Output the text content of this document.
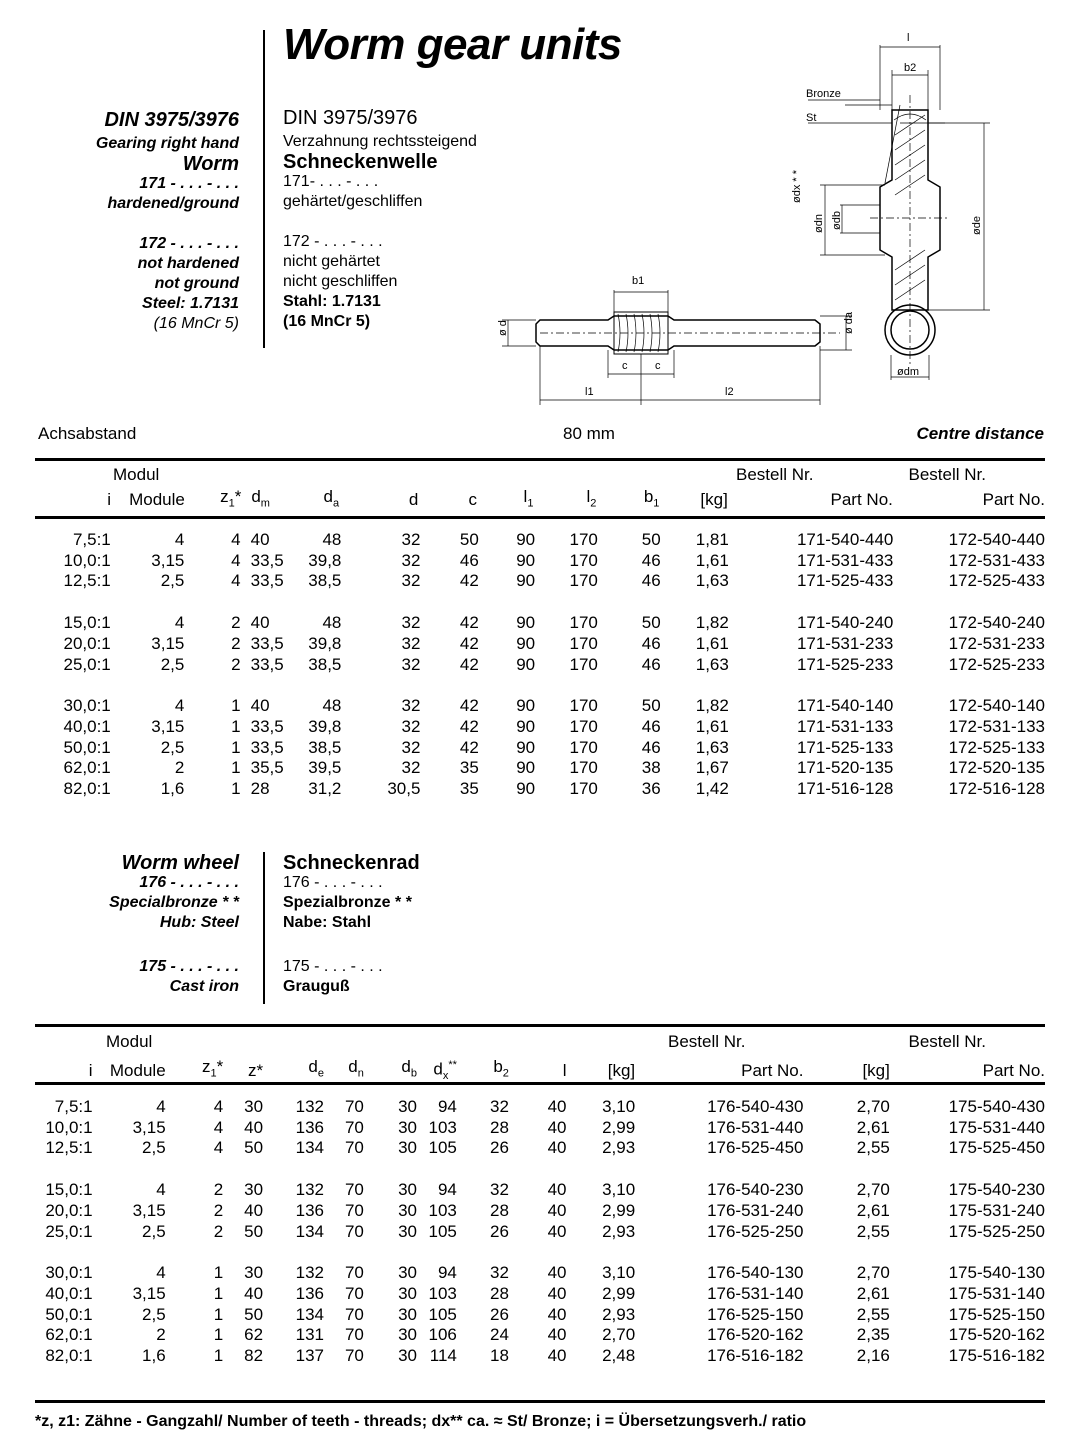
Worm gear units
DIN 3975/3976
Gearing right hand
Worm
171 - . . . - . . .
hardened/ground
172 - . . . - . . .
not hardened
not ground
Steel: 1.7131
(16 MnCr 5)
DIN 3975/3976
Verzahnung rechtssteigend
Schneckenwelle
171- . . . - . . .
gehärtet/geschliffen
172 - . . . - . . .
nicht gehärtet
nicht geschliffen
Stahl: 1.7131
(16 MnCr 5)
b1
ø d	ø da
c	c
l1	l2
l
b2
Bronze
St
ødx * *
ødn ødb	øde
ødm
Achsabstand	80 mm	Centre distance
Modul	Bestell Nr.	Bestell Nr.
i	Module	$z_1*$	$d_m$	$d_a$	d	c	$l_1$	$l_2$	$b_1$	[kg]	Part No.	Part No.
7,5:1	4	4	40	48	32	50	90	170	50	1,81	171-540-440	172-540-440
10,0:1	3,15	4	33,5	39,8	32	46	90	170	46	1,61	171-531-433	172-531-433
12,5:1	2,5	4	33,5	38,5	32	42	90	170	46	1,63	171-525-433	172-525-433

15,0:1	4	2	40	48	32	42	90	170	50	1,82	171-540-240	172-540-240
20,0:1	3,15	2	33,5	39,8	32	42	90	170	46	1,61	171-531-233	172-531-233
25,0:1	2,5	2	33,5	38,5	32	42	90	170	46	1,63	171-525-233	172-525-233

30,0:1	4	1	40	48	32	42	90	170	50	1,82	171-540-140	172-540-140
40,0:1	3,15	1	33,5	39,8	32	42	90	170	46	1,61	171-531-133	172-531-133
50,0:1	2,5	1	33,5	38,5	32	42	90	170	46	1,63	171-525-133	172-525-133
62,0:1	2	1	35,5	39,5	32	35	90	170	38	1,67	171-520-135	172-520-135
82,0:1	1,6	1	28	31,2	30,5	35	90	170	36	1,42	171-516-128	172-516-128
Worm wheel
176 - . . . - . . .
Specialbronze * *
Hub: Steel
175 - . . . - . . .
Cast iron
Schneckenrad
176 - . . . - . . .
Spezialbronze * *
Nabe: Stahl
175 - . . . - . . .
Grauguß
Modul	Bestell Nr.	Bestell Nr.
i	Module	$z_1*$	z*	$d_e$	$d_n$	$d_b$	$d_x^{**}$	$b_2$	l	[kg]	Part No.	[kg]	Part No.
7,5:1	4	4	30	132	70	30	94	32	40	3,10	176-540-430	2,70	175-540-430
10,0:1	3,15	4	40	136	70	30	103	28	40	2,99	176-531-440	2,61	175-531-440
12,5:1	2,5	4	50	134	70	30	105	26	40	2,93	176-525-450	2,55	175-525-450

15,0:1	4	2	30	132	70	30	94	32	40	3,10	176-540-230	2,70	175-540-230
20,0:1	3,15	2	40	136	70	30	103	28	40	2,99	176-531-240	2,61	175-531-240
25,0:1	2,5	2	50	134	70	30	105	26	40	2,93	176-525-250	2,55	175-525-250

30,0:1	4	1	30	132	70	30	94	32	40	3,10	176-540-130	2,70	175-540-130
40,0:1	3,15	1	40	136	70	30	103	28	40	2,99	176-531-140	2,61	175-531-140
50,0:1	2,5	1	50	134	70	30	105	26	40	2,93	176-525-150	2,55	175-525-150
62,0:1	2	1	62	131	70	30	106	24	40	2,70	176-520-162	2,35	175-520-162
82,0:1	1,6	1	82	137	70	30	114	18	40	2,48	176-516-182	2,16	175-516-182
*z, z1: Zähne - Gangzahl/ Number of teeth - threads; dx** ca. ≈ St/ Bronze; i = Übersetzungsverh./ ratio
